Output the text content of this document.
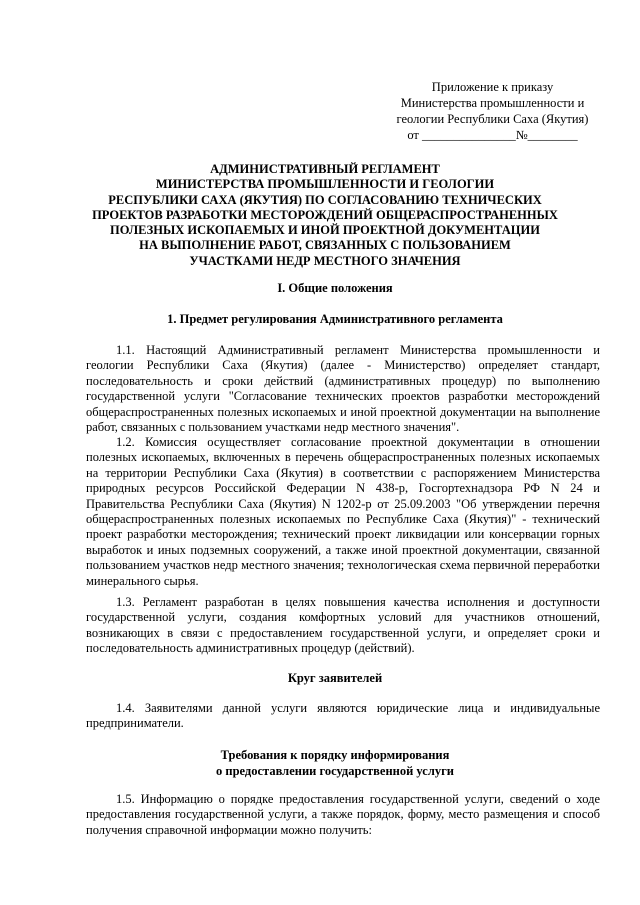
Приложение к приказу
Министерства промышленности и
геологии Республики Саха (Якутия)
от _______________№________
АДМИНИСТРАТИВНЫЙ РЕГЛАМЕНТ
МИНИСТЕРСТВА ПРОМЫШЛЕННОСТИ И ГЕОЛОГИИ
РЕСПУБЛИКИ САХА (ЯКУТИЯ) ПО СОГЛАСОВАНИЮ ТЕХНИЧЕСКИХ
ПРОЕКТОВ РАЗРАБОТКИ МЕСТОРОЖДЕНИЙ ОБЩЕРАСПРОСТРАНЕННЫХ
ПОЛЕЗНЫХ ИСКОПАЕМЫХ И ИНОЙ ПРОЕКТНОЙ ДОКУМЕНТАЦИИ
НА ВЫПОЛНЕНИЕ РАБОТ, СВЯЗАННЫХ С ПОЛЬЗОВАНИЕМ
УЧАСТКАМИ НЕДР МЕСТНОГО ЗНАЧЕНИЯ
I. Общие положения
1. Предмет регулирования Административного регламента

1.1. Настоящий Административный регламент Министерства промышленности и геологии Республики Саха (Якутия) (далее - Министерство) определяет стандарт, последовательность и сроки действий (административных процедур) по выполнению государственной услуги "Согласование технических проектов разработки месторождений общераспространенных полезных ископаемых и иной проектной документации на выполнение работ, связанных с пользованием участками недр местного значения".

1.2. Комиссия осуществляет согласование проектной документации в отношении полезных ископаемых, включенных в перечень общераспространенных полезных ископаемых на территории Республики Саха (Якутия) в соответствии с распоряжением Министерства природных ресурсов Российской Федерации N 438-р, Госгортехнадзора РФ N 24 и Правительства Республики Саха (Якутия) N 1202-р от 25.09.2003 "Об утверждении перечня общераспространенных полезных ископаемых по Республике Саха (Якутия)" - технический проект разработки месторождения; технический проект ликвидации или консервации горных выработок и иных подземных сооружений, а также иной проектной документации, связанной пользованием участков недр местного значения; технологическая схема первичной переработки минерального сырья.

1.3. Регламент разработан в целях повышения качества исполнения и доступности государственной услуги, создания комфортных условий для участников отношений, возникающих в связи с предоставлением государственной услуги, и определяет сроки и последовательность административных процедур (действий).

Круг заявителей

1.4. Заявителями данной услуги являются юридические лица и индивидуальные предприниматели.

Требования к порядку информирования
о предоставлении государственной услуги

1.5. Информацию о порядке предоставления государственной услуги, сведений о ходе предоставления государственной услуги, а также порядок, форму, место размещения и способ получения справочной информации можно получить:
